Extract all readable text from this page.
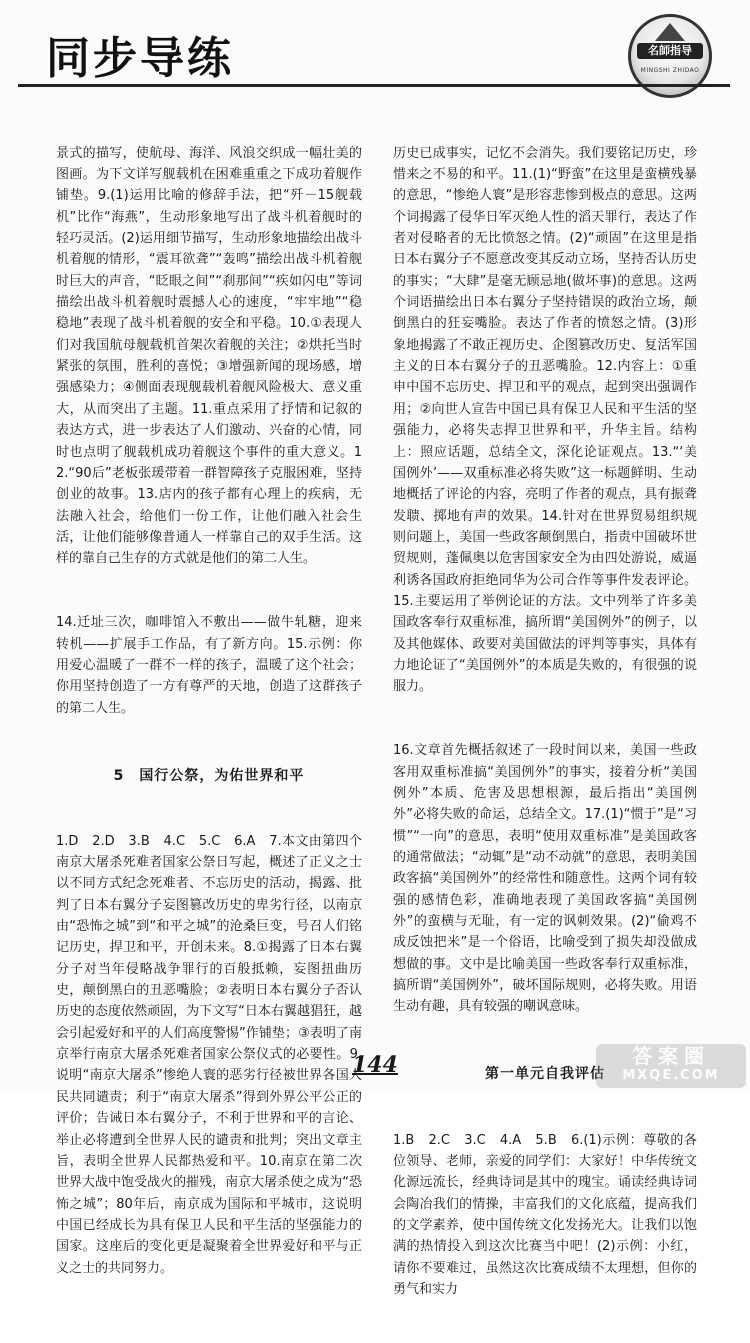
同步导练	名師指导
MINGSHI ZHIDAO

景式的描写，使航母、海洋、风浪交织成一幅壮美的图画。为下文详写舰载机在困难重重之下成功着舰作铺垫。9.(1)运用比喻的修辞手法，把“歼－15舰载机”比作“海燕”，生动形象地写出了战斗机着舰时的轻巧灵活。(2)运用细节描写，生动形象地描绘出战斗机着舰的情形，“震耳欲聋”“轰鸣”描绘出战斗机着舰时巨大的声音，“眨眼之间”“刹那间”“疾如闪电”等词描绘出战斗机着舰时震撼人心的速度，“牢牢地”“稳稳地”表现了战斗机着舰的安全和平稳。10.①表现人们对我国航母舰载机首架次着舰的关注；②烘托当时紧张的氛围，胜利的喜悦；③增强新闻的现场感，增强感染力；④侧面表现舰载机着舰风险极大、意义重大，从而突出了主题。11.重点采用了抒情和记叙的表达方式，进一步表达了人们激动、兴奋的心情，同时也点明了舰载机成功着舰这个事件的重大意义。12.“90后”老板张瑗带着一群智障孩子克服困难，坚持创业的故事。13.店内的孩子都有心理上的疾病，无法融入社会，给他们一份工作，让他们融入社会生活，让他们能够像普通人一样靠自己的双手生活。这样的靠自己生存的方式就是他们的第二人生。

14.迁址三次，咖啡馆入不敷出——做牛轧糖，迎来转机——扩展手工作品，有了新方向。15.示例：你用爱心温暖了一群不一样的孩子，温暖了这个社会；你用坚持创造了一方有尊严的天地，创造了这群孩子的第二人生。

5　国行公祭，为佑世界和平

1.D　2.D　3.B　4.C　5.C　6.A　7.本文由第四个南京大屠杀死难者国家公祭日写起，概述了正义之士以不同方式纪念死难者、不忘历史的活动，揭露、批判了日本右翼分子妄图篡改历史的卑劣行径，以南京由“恐怖之城”到“和平之城”的沧桑巨变，号召人们铭记历史，捍卫和平，开创未来。8.①揭露了日本右翼分子对当年侵略战争罪行的百般抵赖，妄图扭曲历史，颠倒黑白的丑恶嘴脸；②表明日本右翼分子否认历史的态度依然顽固，为下文写“日本右翼越猖狂，越会引起爱好和平的人们高度警惕”作铺垫；③表明了南京举行南京大屠杀死难者国家公祭仪式的必要性。9.说明“南京大屠杀”惨绝人寰的恶劣行径被世界各国人民共同谴责；利于“南京大屠杀”得到外界公平公正的评价；告诫日本右翼分子，不利于世界和平的言论、举止必将遭到全世界人民的谴责和批判；突出文章主旨，表明全世界人民都热爱和平。10.南京在第二次世界大战中饱受战火的摧残，南京大屠杀使之成为“恐怖之城”；80年后，南京成为国际和平城市，这说明中国已经成长为具有保卫人民和平生活的坚强能力的国家。这座后的变化更是凝聚着全世界爱好和平与正义之士的共同努力。

历史已成事实，记忆不会消失。我们要铭记历史，珍惜来之不易的和平。11.(1)“野蛮”在这里是蛮横残暴的意思，“惨绝人寰”是形容悲惨到极点的意思。这两个词揭露了侵华日军灭绝人性的滔天罪行，表达了作者对侵略者的无比愤怒之情。(2)“顽固”在这里是指日本右翼分子不愿意改变其反动立场，坚持否认历史的事实；“大肆”是毫无顾忌地(做坏事)的意思。这两个词语描绘出日本右翼分子坚持错误的政治立场，颠倒黑白的狂妄嘴脸。表达了作者的愤怒之情。(3)形象地揭露了不敢正视历史、企图篡改历史、复活军国主义的日本右翼分子的丑恶嘴脸。12.内容上：①重申中国不忘历史、捍卫和平的观点，起到突出强调作用；②向世人宣告中国已具有保卫人民和平生活的坚强能力，必将失志捍卫世界和平，升华主旨。结构上：照应话题，总结全文，深化论证观点。13.“‘美国例外’——双重标准必将失败”这一标题鲜明、生动地概括了评论的内容，亮明了作者的观点，具有振聋发聩、掷地有声的效果。14.针对在世界贸易组织规则问题上，美国一些政客颠倒黑白，指责中国破坏世贸规则，蓬佩奥以危害国家安全为由四处游说，威逼利诱各国政府拒绝同华为公司合作等事件发表评论。15.主要运用了举例论证的方法。文中列举了许多美国政客奉行双重标准，搞所谓“美国例外”的例子，以及其他媒体、政要对美国做法的评判等事实，具体有力地论证了“美国例外”的本质是失败的，有很强的说服力。

16.文章首先概括叙述了一段时间以来，美国一些政客用双重标准搞“美国例外”的事实，接着分析“美国例外”本质、危害及思想根源，最后指出“美国例外”必将失败的命运，总结全文。17.(1)“惯于”是“习惯”“一向”的意思，表明“使用双重标准”是美国政客的通常做法；“动辄”是“动不动就”的意思，表明美国政客搞“美国例外”的经常性和随意性。这两个词有较强的感情色彩，准确地表现了美国政客搞“美国例外”的蛮横与无耻，有一定的讽刺效果。(2)“偷鸡不成反蚀把米”是一个俗语，比喻受到了损失却没做成想做的事。文中是比喻美国一些政客奉行双重标准，搞所谓“美国例外”，破坏国际规则，必将失败。用语生动有趣，具有较强的嘲讽意味。

第一单元自我评估

1.B　2.C　3.C　4.A　5.B　6.(1)示例：尊敬的各位领导、老师，亲爱的同学们：大家好！中华传统文化源远流长，经典诗词是其中的瑰宝。诵读经典诗词会陶冶我们的情操，丰富我们的文化底蕴，提高我们的文学素养，使中国传统文化发扬光大。让我们以饱满的热情投入到这次比赛当中吧！(2)示例：小红，请你不要难过，虽然这次比赛成绩不太理想，但你的勇气和实力

144	答案圈
MXQE.COM
